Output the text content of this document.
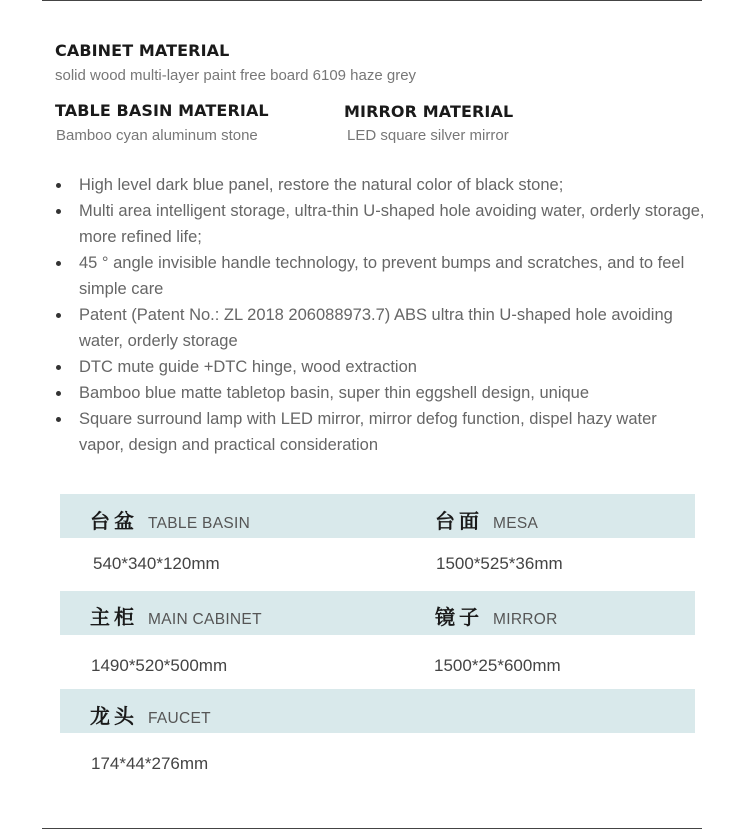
CABINET MATERIAL
solid wood multi-layer paint free board 6109 haze grey
TABLE BASIN MATERIAL
Bamboo cyan aluminum stone
MIRROR MATERIAL
LED square silver mirror
High level dark blue panel, restore the natural color of black stone;
Multi area intelligent storage, ultra-thin U-shaped hole avoiding water, orderly storage, more refined life;
45 ° angle invisible handle technology, to prevent bumps and scratches, and to feel simple care
Patent (Patent No.: ZL 2018 206088973.7) ABS ultra thin U-shaped hole avoiding water, orderly storage
DTC mute guide +DTC hinge, wood extraction
Bamboo blue matte tabletop basin, super thin eggshell design, unique
Square surround lamp with LED mirror, mirror defog function, dispel hazy water vapor, design and practical consideration
台盆 TABLE BASIN	台面 MESA
540*340*120mm	1500*525*36mm
主柜 MAIN CABINET	镜子 MIRROR
1490*520*500mm	1500*25*600mm
龙头 FAUCET
174*44*276mm
